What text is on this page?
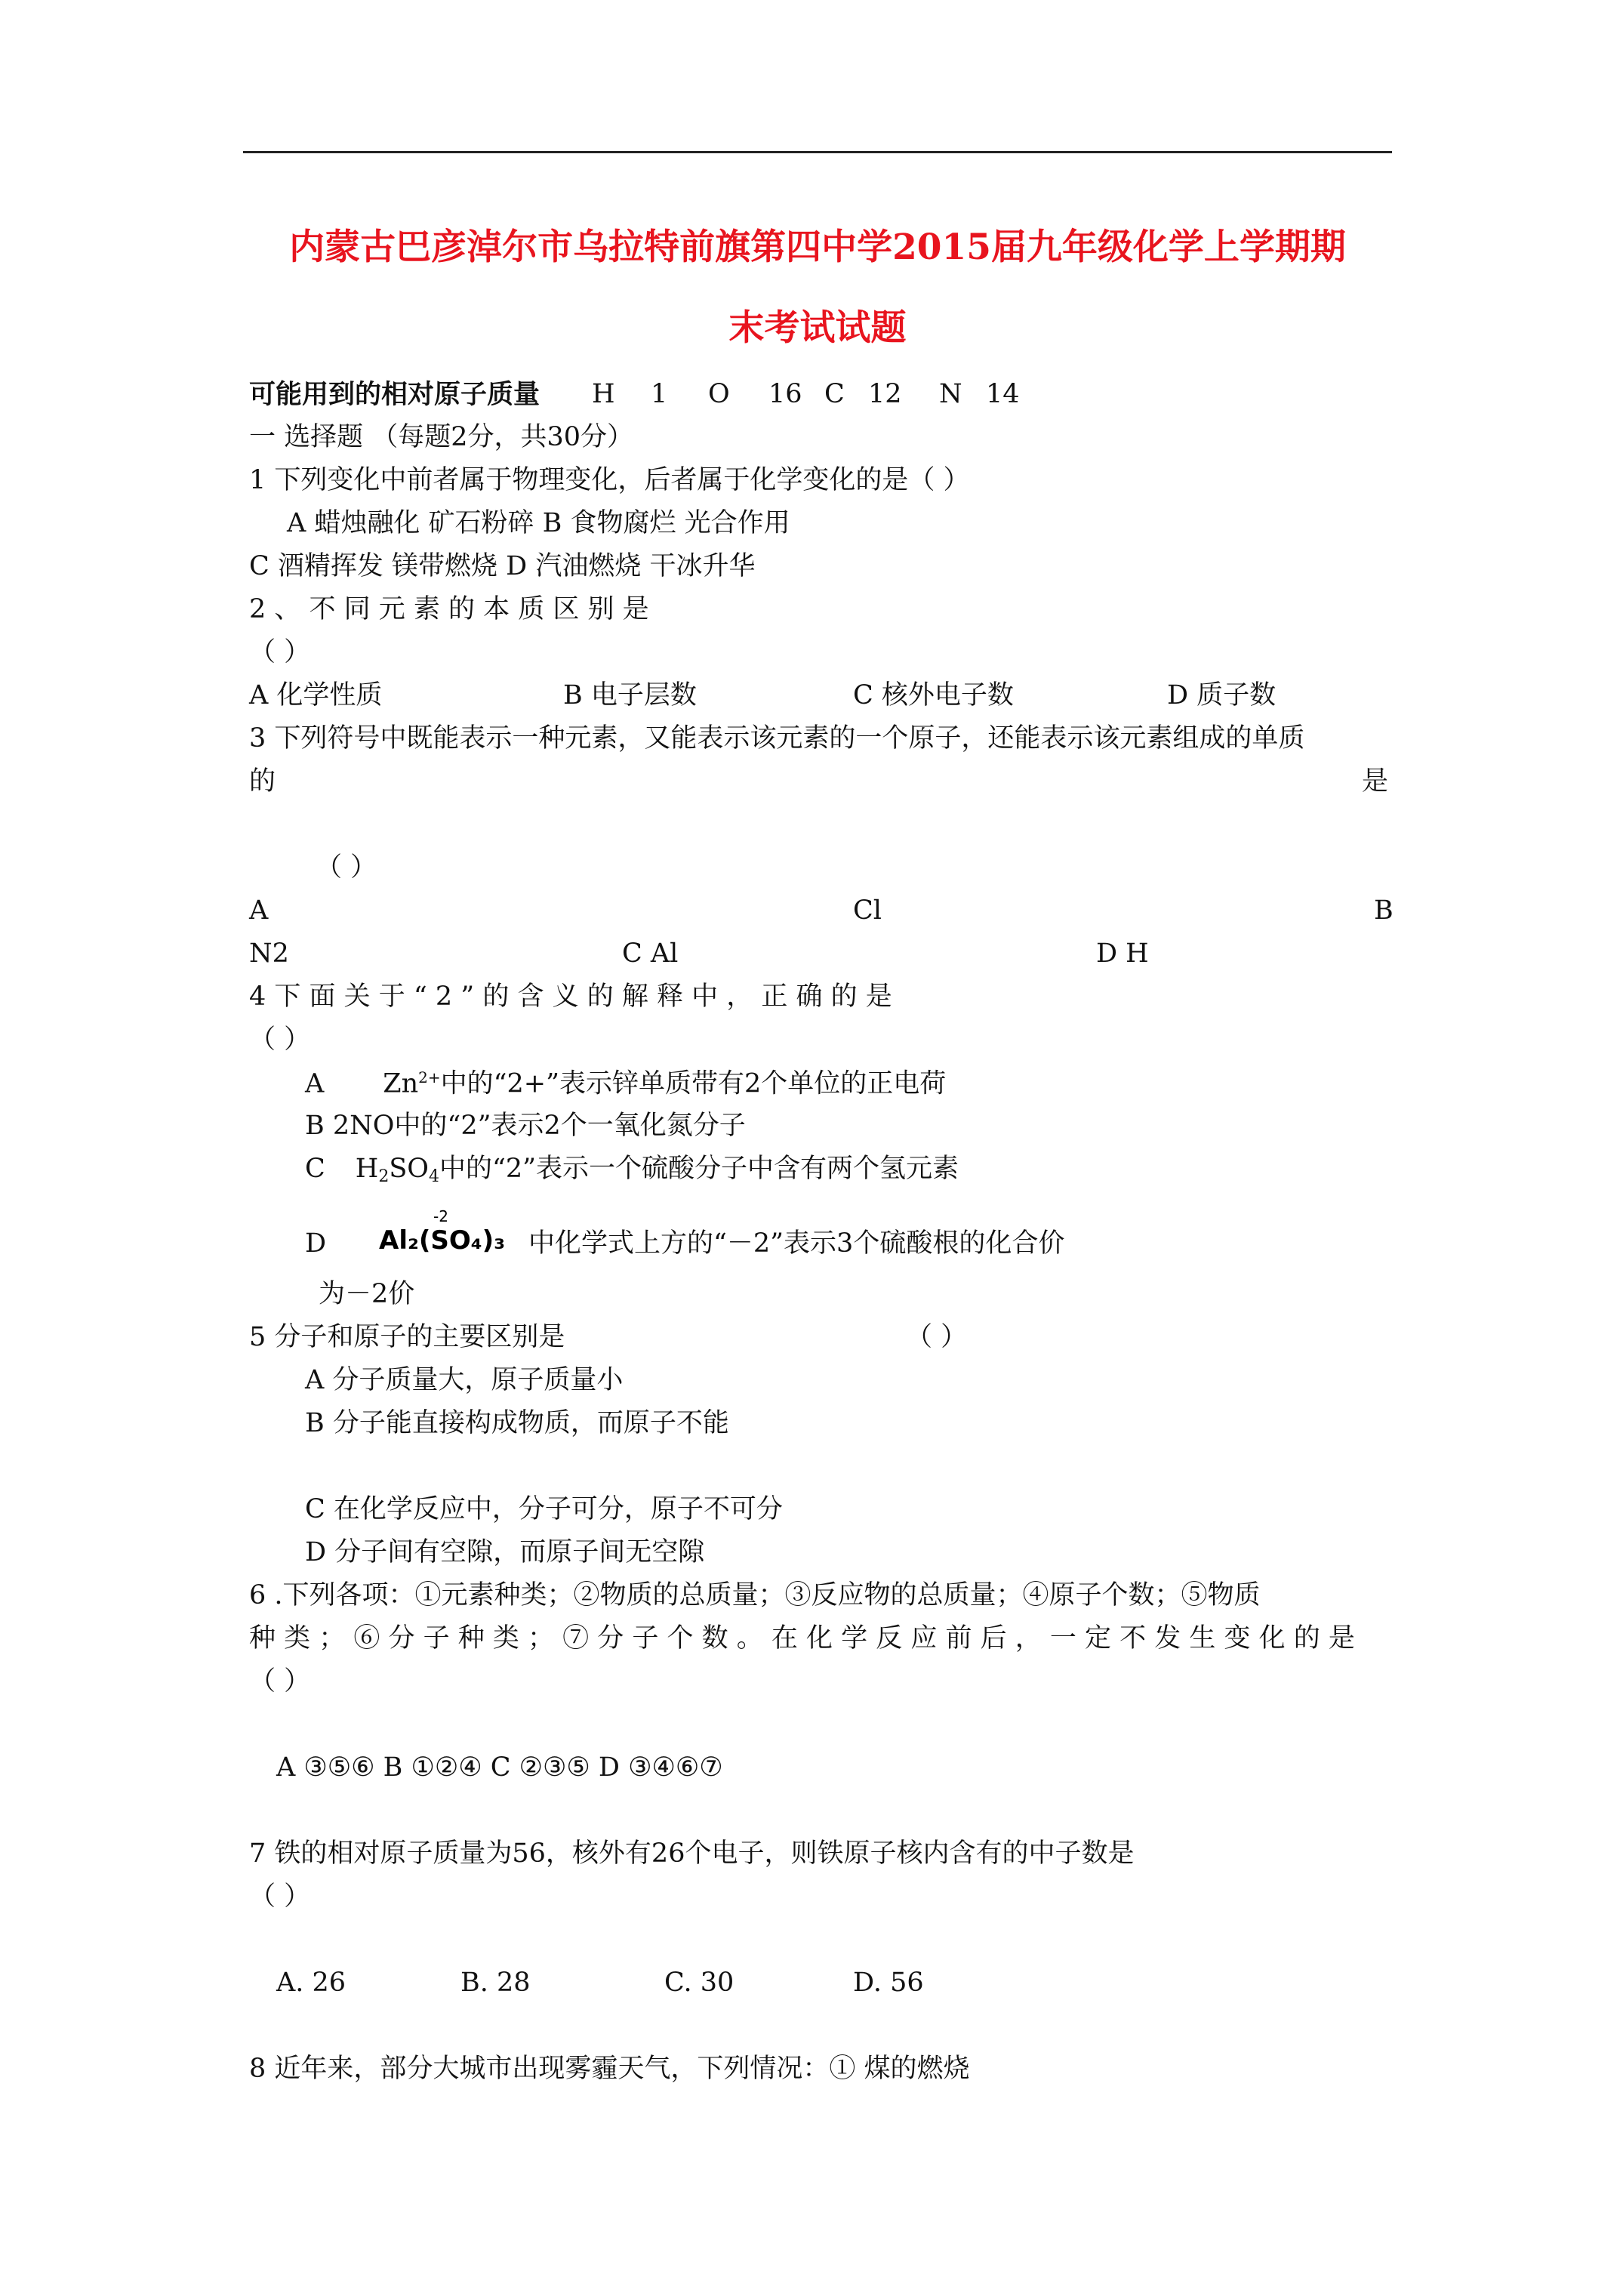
内蒙古巴彦淖尔市乌拉特前旗第四中学2015届九年级化学上学期期
末考试试题
可能用到的相对原子质量 H 1 O 16 C 12 N 14
一 选择题 （每题2分，共30分）
1 下列变化中前者属于物理变化，后者属于化学变化的是（ ）
A 蜡烛融化 矿石粉碎 B 食物腐烂 光合作用
C 酒精挥发 镁带燃烧 D 汽油燃烧 干冰升华
2 、 不 同 元 素 的 本 质 区 别 是
（ ）
A 化学性质	B 电子层数	C 核外电子数	D 质子数
3 下列符号中既能表示一种元素，又能表示该元素的一个原子，还能表示该元素组成的单质
的	是
（ ）
A	Cl	B
N2	C Al	D H
4 下 面 关 于 “ 2 ” 的 含 义 的 解 释 中 ， 正 确 的 是
（ ）
A $Zn^{2+}$中的“2+”表示锌单质带有2个单位的正电荷
B 2NO中的“2”表示2个一氧化氮分子
C $H_2SO_4$中的“2”表示一个硫酸分子中含有两个氢元素
D
-2
Al₂(SO₄)₃ 中化学式上方的“－2”表示3个硫酸根的化合价
为－2价
5 分子和原子的主要区别是	（ ）
A 分子质量大，原子质量小
B 分子能直接构成物质，而原子不能
C 在化学反应中，分子可分，原子不可分
D 分子间有空隙，而原子间无空隙
6 .下列各项：①元素种类；②物质的总质量；③反应物的总质量；④原子个数；⑤物质
种 类 ； ⑥ 分 子 种 类 ； ⑦ 分 子 个 数 。 在 化 学 反 应 前 后 ， 一 定 不 发 生 变 化 的 是
（ ）
A ③⑤⑥ B ①②④ C ②③⑤ D ③④⑥⑦
7 铁的相对原子质量为56，核外有26个电子，则铁原子核内含有的中子数是
（ ）
A. 26	B. 28	C. 30	D. 56
8 近年来，部分大城市出现雾霾天气，下列情况：① 煤的燃烧
